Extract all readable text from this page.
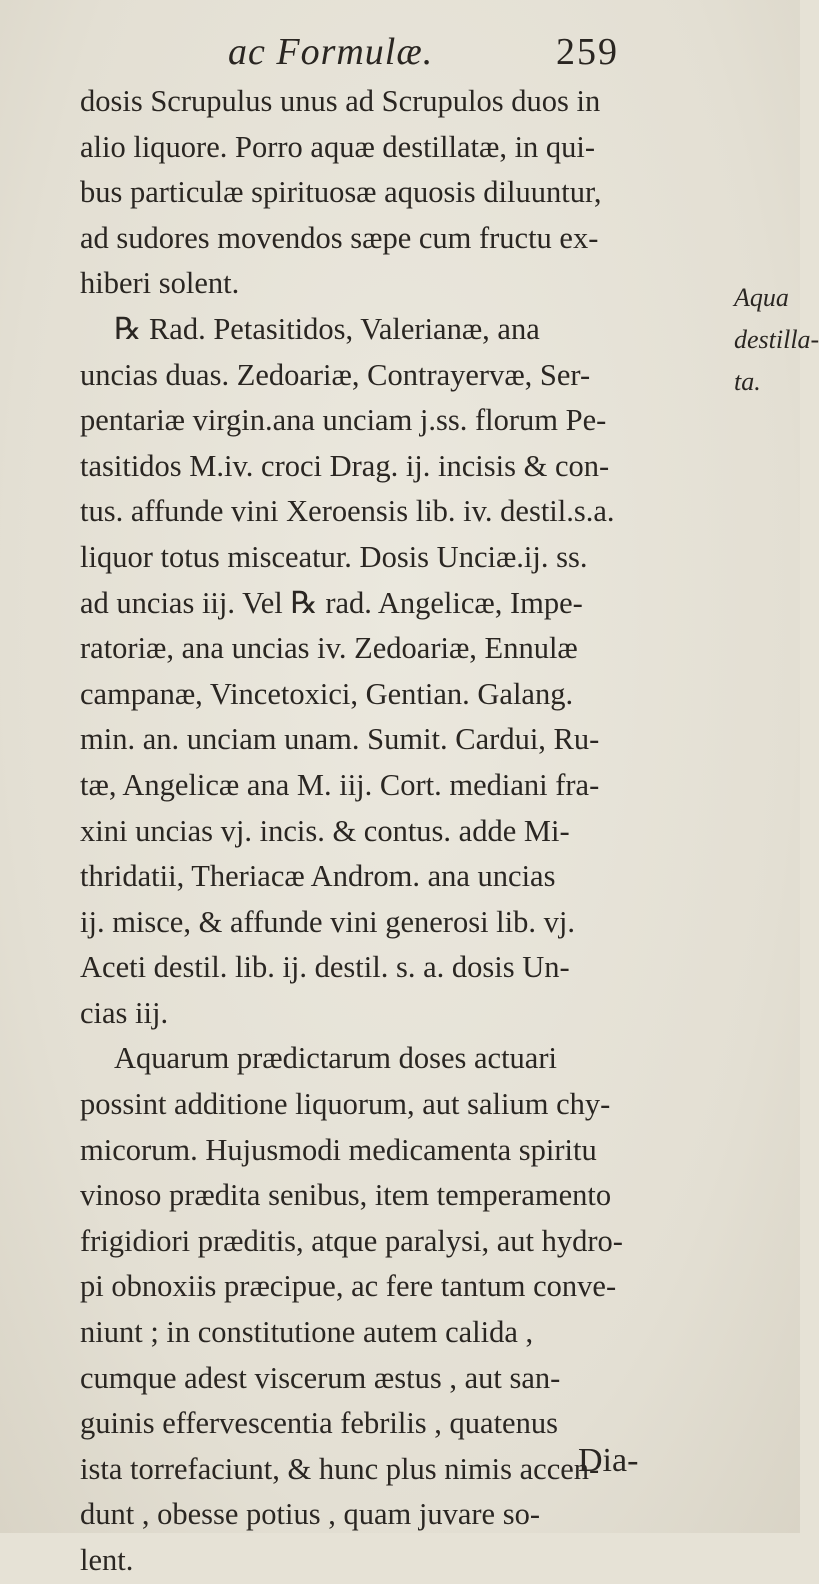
ac Formulæ.	259
dosis Scrupulus unus ad Scrupulos duos in
alio liquore. Porro aquæ destillatæ, in qui-
bus particulæ spirituosæ aquosis diluuntur,
ad sudores movendos sæpe cum fructu ex-
hiberi solent.
℞ Rad. Petasitidos, Valerianæ, ana
uncias duas. Zedoariæ, Contrayervæ, Ser-
pentariæ virgin.ana unciam j.ss. florum Pe-
tasitidos M.iv. croci Drag. ij. incisis & con-
tus. affunde vini Xeroensis lib. iv. destil.s.a.
liquor totus misceatur. Dosis Unciæ.ij. ss.
ad uncias iij. Vel ℞ rad. Angelicæ, Impe-
ratoriæ, ana uncias iv. Zedoariæ, Ennulæ
campanæ, Vincetoxici, Gentian. Galang.
min. an. unciam unam. Sumit. Cardui, Ru-
tæ, Angelicæ ana M. iij. Cort. mediani fra-
xini uncias vj. incis. & contus. adde Mi-
thridatii, Theriacæ Androm. ana uncias
ij. misce, & affunde vini generosi lib. vj.
Aceti destil. lib. ij. destil. s. a. dosis Un-
cias iij.
Aquarum prædictarum doses actuari
possint additione liquorum, aut salium chy-
micorum. Hujusmodi medicamenta spiritu
vinoso prædita senibus, item temperamento
frigidiori præditis, atque paralysi, aut hydro-
pi obnoxiis præcipue, ac fere tantum conve-
niunt ; in constitutione autem calida ,
cumque adest viscerum æstus , aut san-
guinis effervescentia febrilis , quatenus
ista torrefaciunt, & hunc plus nimis accen-
dunt , obesse potius , quam juvare so-
lent.
Aqua
destilla-
ta.
Dia-
